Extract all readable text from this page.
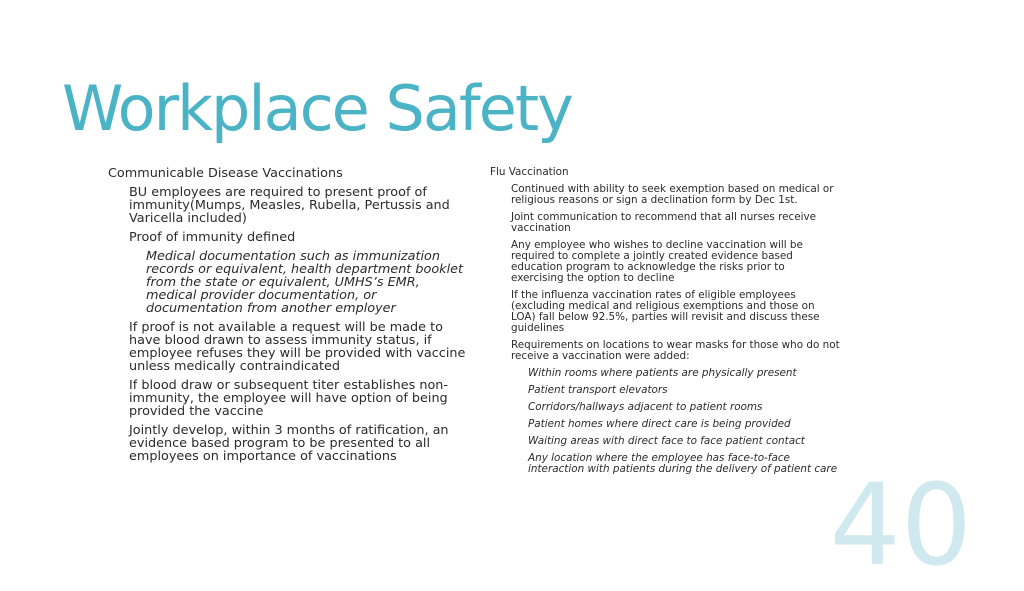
Workplace Safety
Communicable Disease Vaccinations
BU employees are required to present proof of immunity(Mumps, Measles, Rubella, Pertussis and Varicella included)
Proof of immunity defined
Medical documentation such as immunization records or equivalent, health department booklet from the state or equivalent, UMHS’s EMR, medical provider documentation, or documentation from another employer
If proof is not available a request will be made to have blood drawn to assess immunity status, if employee refuses they will be provided with vaccine unless medically contraindicated
If blood draw or subsequent titer establishes non-immunity, the employee will have option of being provided the vaccine
Jointly develop, within 3 months of ratification, an evidence based program to be presented to all employees on importance of vaccinations
Flu Vaccination
Continued with ability to seek exemption based on medical or religious reasons or sign a declination form by Dec 1st.
Joint communication to recommend that all nurses receive vaccination
Any employee who wishes to decline vaccination will be required to complete a jointly created evidence based education program to acknowledge the risks prior to exercising the option to decline
If the influenza vaccination rates of eligible employees (excluding medical and religious exemptions and those on LOA) fall below 92.5%, parties will revisit and discuss these guidelines
Requirements on locations to wear masks for those who do not receive a vaccination were added:
Within rooms where patients are physically present
Patient transport elevators
Corridors/hallways adjacent to patient rooms
Patient homes where direct care is being provided
Waiting areas with direct face to face patient contact
Any location where the employee has face-to-face interaction with patients during the delivery of patient care
40
